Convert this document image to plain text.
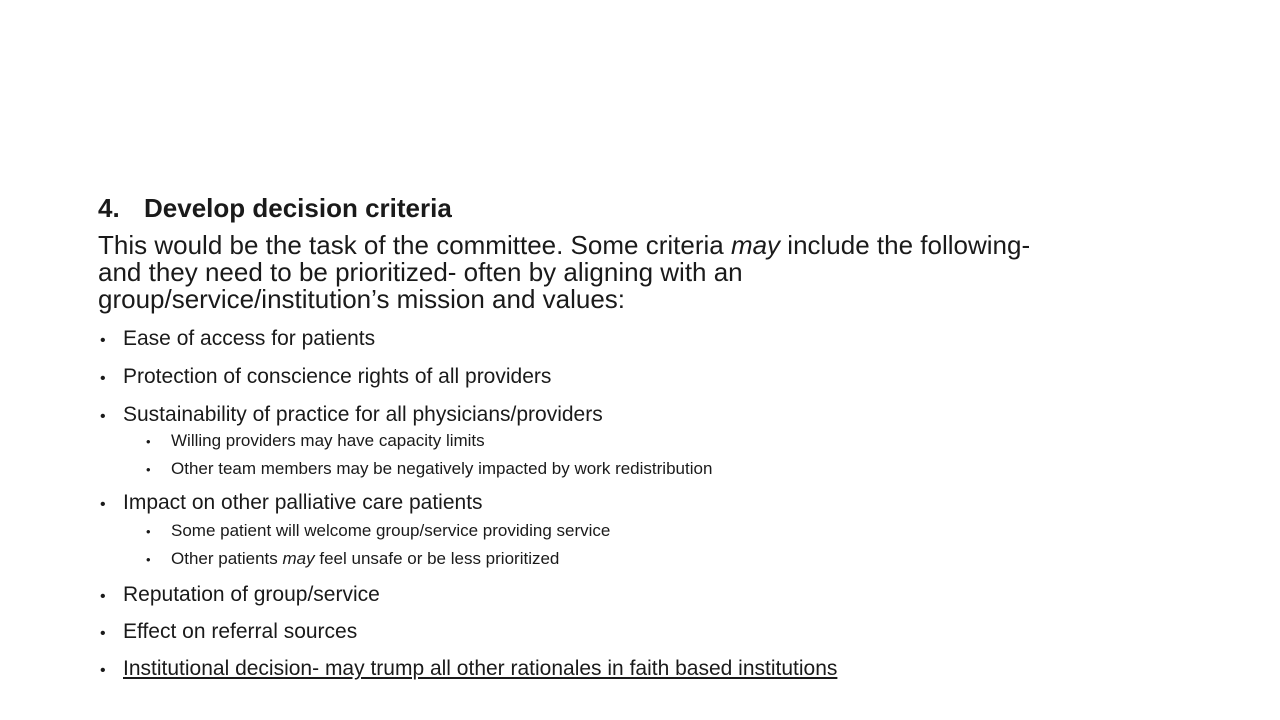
4. Develop decision criteria
This would be the task of the committee. Some criteria may include the following-
and they need to be prioritized- often by aligning with an
group/service/institution’s mission and values:
• Ease of access for patients
• Protection of conscience rights of all providers
• Sustainability of practice for all physicians/providers
• Willing providers may have capacity limits
• Other team members may be negatively impacted by work redistribution
• Impact on other palliative care patients
• Some patient will welcome group/service providing service
• Other patients may feel unsafe or be less prioritized
• Reputation of group/service
• Effect on referral sources
• Institutional decision- may trump all other rationales in faith based institutions
